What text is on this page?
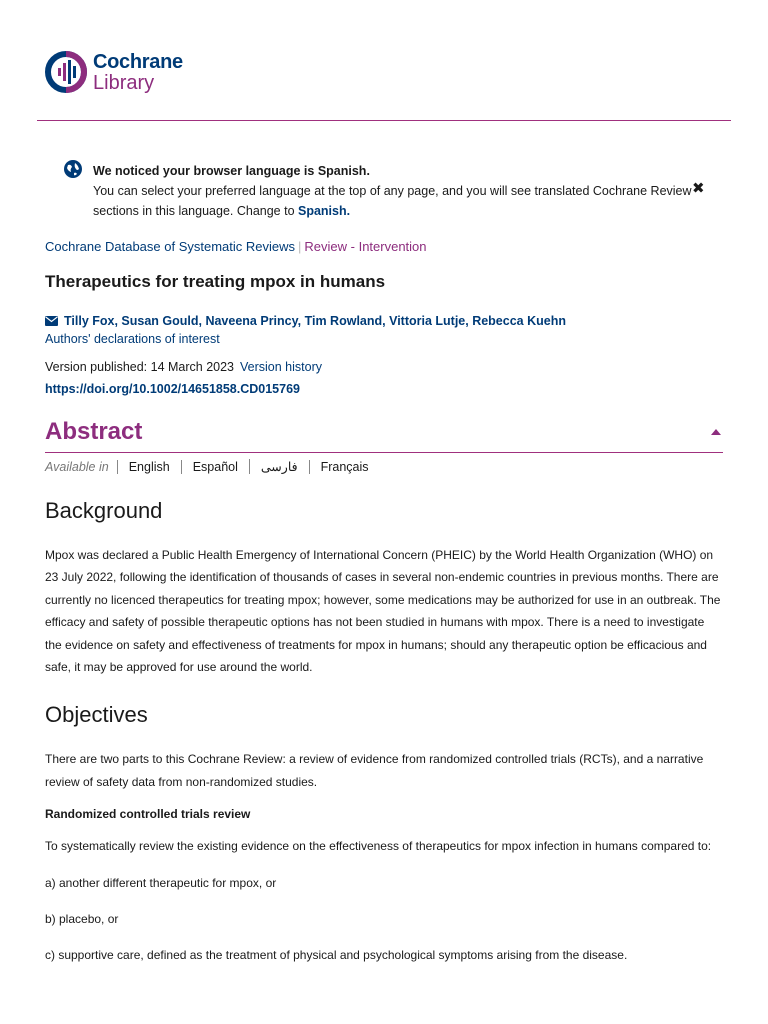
Cochrane
Library
We noticed your browser language is Spanish.
You can select your preferred language at the top of any page, and you will see translated Cochrane Review sections in this language. Change to Spanish.
✖
Cochrane Database of Systematic Reviews | Review - Intervention
Therapeutics for treating mpox in humans
Tilly Fox, Susan Gould, Naveena Princy, Tim Rowland, Vittoria Lutje, Rebecca Kuehn
Authors' declarations of interest
Version published: 14 March 2023 Version history
https://doi.org/10.1002/14651858.CD015769
Abstract
Available in	English	Español	فارسی	Français
Background

Mpox was declared a Public Health Emergency of International Concern (PHEIC) by the World Health Organization (WHO) on 23 July 2022, following the identification of thousands of cases in several non-endemic countries in previous months. There are currently no licenced therapeutics for treating mpox; however, some medications may be authorized for use in an outbreak. The efficacy and safety of possible therapeutic options has not been studied in humans with mpox. There is a need to investigate the evidence on safety and effectiveness of treatments for mpox in humans; should any therapeutic option be efficacious and safe, it may be approved for use around the world.

Objectives

There are two parts to this Cochrane Review: a review of evidence from randomized controlled trials (RCTs), and a narrative review of safety data from non-randomized studies.

Randomized controlled trials review

To systematically review the existing evidence on the effectiveness of therapeutics for mpox infection in humans compared to:

a) another different therapeutic for mpox, or

b) placebo, or

c) supportive care, defined as the treatment of physical and psychological symptoms arising from the disease.
